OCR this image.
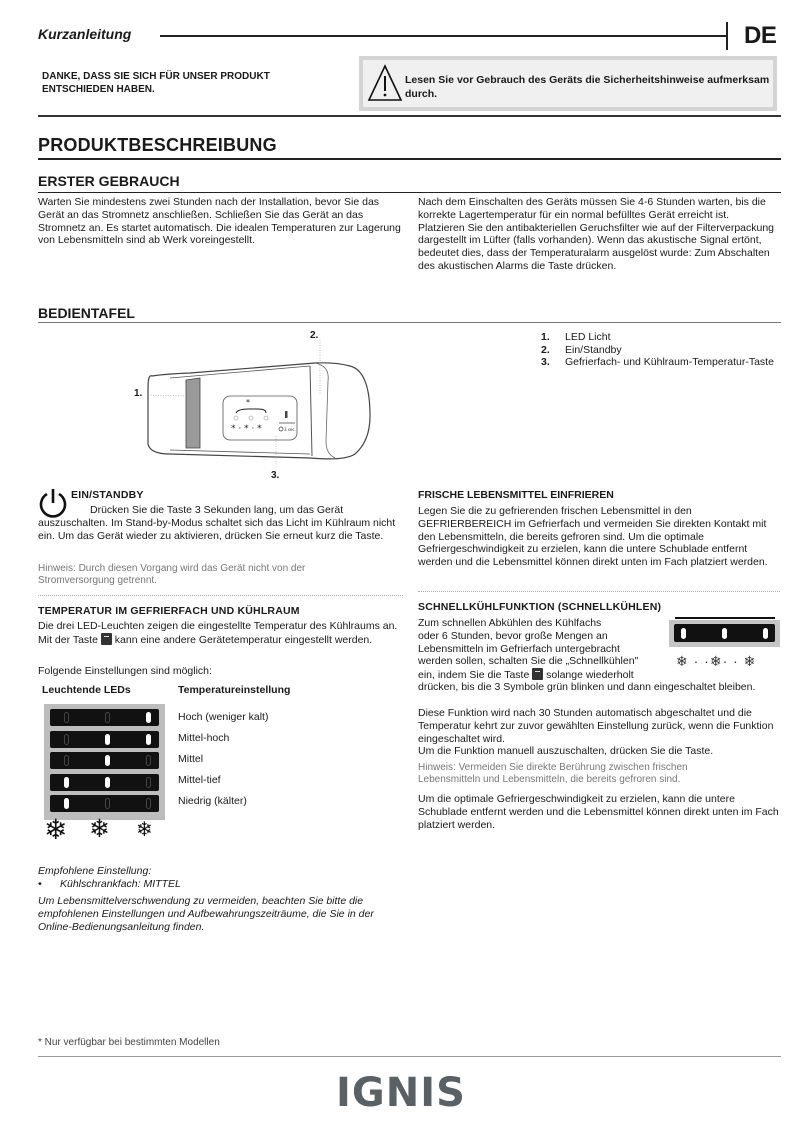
Kurzanleitung	DE
DANKE, DASS SIE SICH FÜR UNSER PRODUKT ENTSCHIEDEN HABEN.
Lesen Sie vor Gebrauch des Geräts die Sicherheitshinweise aufmerksam durch.
PRODUKTBESCHREIBUNG
ERSTER GEBRAUCH
Warten Sie mindestens zwei Stunden nach der Installation, bevor Sie das Gerät an das Stromnetz anschließen. Schließen Sie das Gerät an das Stromnetz an. Es startet automatisch. Die idealen Temperaturen zur Lagerung von Lebensmitteln sind ab Werk voreingestellt.
Nach dem Einschalten des Geräts müssen Sie 4-6 Stunden warten, bis die korrekte Lagertemperatur für ein normal befülltes Gerät erreicht ist. Platzieren Sie den antibakteriellen Geruchsfilter wie auf der Filterverpackung dargestellt im Lüfter (falls vorhanden). Wenn das akustische Signal ertönt, bedeutet dies, dass der Temperaturalarm ausgelöst wurde: Zum Abschalten des akustischen Alarms die Taste drücken.
BEDIENTAFEL
*
* · * · *	3 sec.
2.
1.
3.
1.	LED Licht
2.	Ein/Standby
3.	Gefrierfach- und Kühlraum-Temperatur-Taste
EIN/STANDBY
Drücken Sie die Taste 3 Sekunden lang, um das Gerät auszuschalten. Im Stand-by-Modus schaltet sich das Licht im Kühlraum nicht ein. Um das Gerät wieder zu aktivieren, drücken Sie erneut kurz die Taste.
Hinweis: Durch diesen Vorgang wird das Gerät nicht von der Stromversorgung getrennt.
TEMPERATUR IM GEFRIERFACH UND KÜHLRAUM
Die drei LED-Leuchten zeigen die eingestellte Temperatur des Kühlraums an. Mit der Taste kann eine andere Gerätetemperatur eingestellt werden.
Folgende Einstellungen sind möglich:
Leuchtende LEDs	Temperatureinstellung
Hoch (weniger kalt)
Mittel-hoch
Mittel
Mittel-tief
Niedrig (kälter)
❄ ❄ ❄
Empfohlene Einstellung:
• Kühlschrankfach: MITTEL
Um Lebensmittelverschwendung zu vermeiden, beachten Sie bitte die empfohlenen Einstellungen und Aufbewahrungszeiträume, die Sie in der Online-Bedienungsanleitung finden.
FRISCHE LEBENSMITTEL EINFRIEREN
Legen Sie die zu gefrierenden frischen Lebensmittel in den GEFRIERBEREICH im Gefrierfach und vermeiden Sie direkten Kontakt mit den Lebensmitteln, die bereits gefroren sind. Um die optimale Gefriergeschwindigkeit zu erzielen, kann die untere Schublade entfernt werden und die Lebensmittel können direkt unten im Fach platziert werden.
SCHNELLKÜHLFUNKTION (SCHNELLKÜHLEN)
Zum schnellen Abkühlen des Kühlfachs
oder 6 Stunden, bevor große Mengen an
Lebensmitteln im Gefrierfach untergebracht
werden sollen, schalten Sie die „Schnellkühlen"
ein, indem Sie die Taste solange wiederholt
drücken, bis die 3 Symbole grün blinken und dann eingeschaltet bleiben.
Diese Funktion wird nach 30 Stunden automatisch abgeschaltet und die Temperatur kehrt zur zuvor gewählten Einstellung zurück, wenn die Funktion eingeschaltet wird.
Um die Funktion manuell auszuschalten, drücken Sie die Taste.
Hinweis: Vermeiden Sie direkte Berührung zwischen frischen Lebensmitteln und Lebensmitteln, die bereits gefroren sind.
Um die optimale Gefriergeschwindigkeit zu erzielen, kann die untere Schublade entfernt werden und die Lebensmittel können direkt unten im Fach platziert werden.
❄ · ·❄· · ❄
* Nur verfügbar bei bestimmten Modellen
IGNIS
